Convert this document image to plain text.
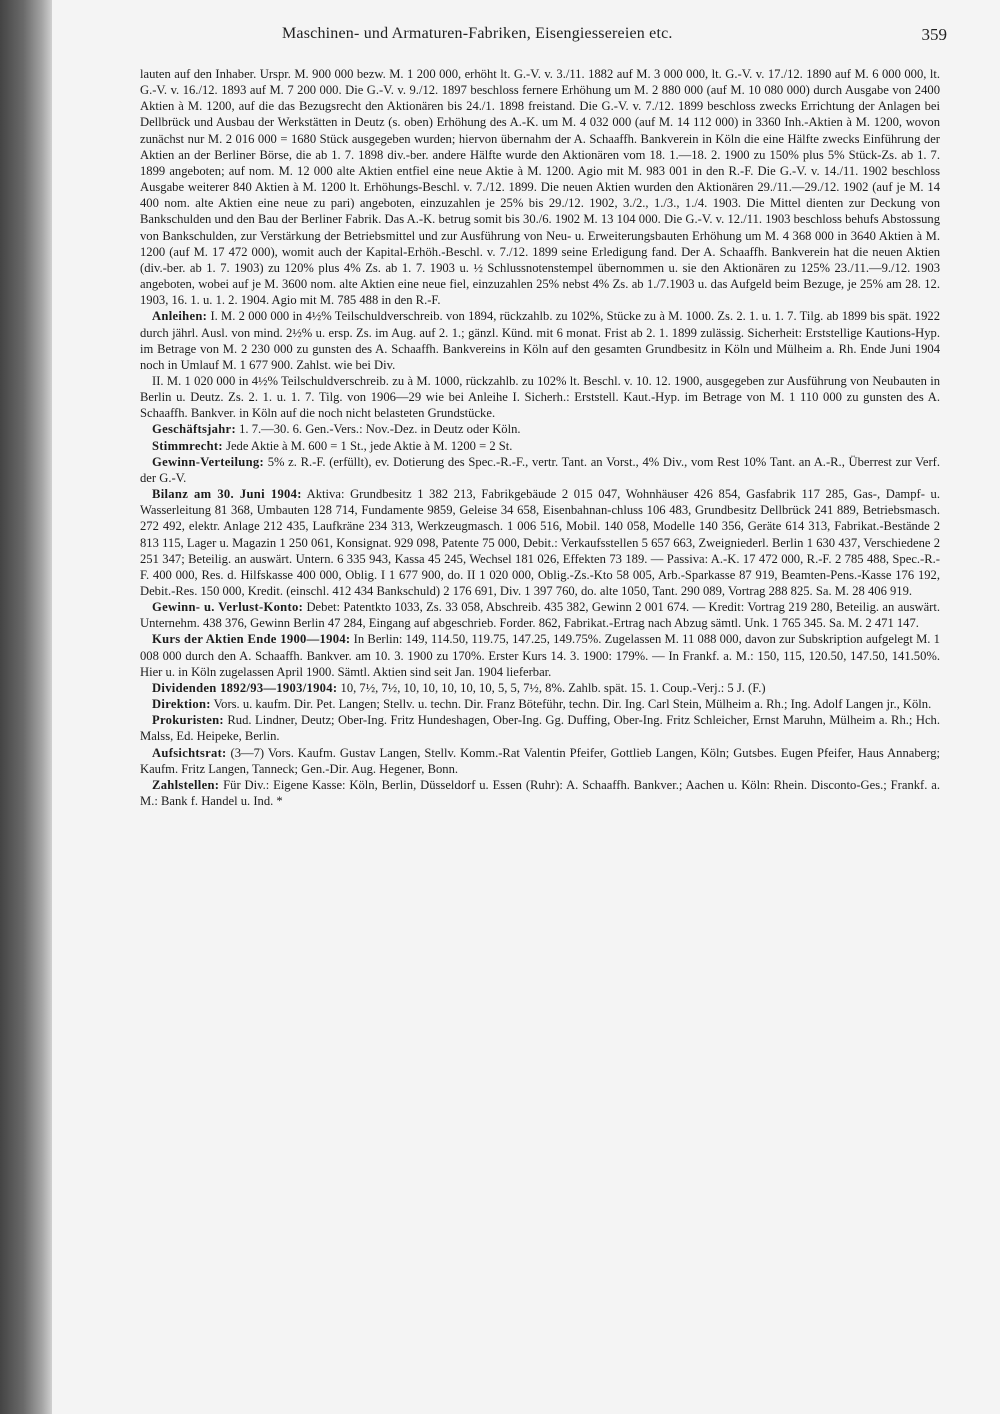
Maschinen- und Armaturen-Fabriken, Eisengiessereien etc.	359

lauten auf den Inhaber. Urspr. M. 900 000 bezw. M. 1 200 000, erhöht lt. G.-V. v. 3./11. 1882 auf M. 3 000 000, lt. G.-V. v. 17./12. 1890 auf M. 6 000 000, lt. G.-V. v. 16./12. 1893 auf M. 7 200 000. Die G.-V. v. 9./12. 1897 beschloss fernere Erhöhung um M. 2 880 000 (auf M. 10 080 000) durch Ausgabe von 2400 Aktien à M. 1200, auf die das Bezugsrecht den Aktionären bis 24./1. 1898 freistand. Die G.-V. v. 7./12. 1899 beschloss zwecks Errichtung der Anlagen bei Dellbrück und Ausbau der Werkstätten in Deutz (s. oben) Erhöhung des A.-K. um M. 4 032 000 (auf M. 14 112 000) in 3360 Inh.-Aktien à M. 1200, wovon zunächst nur M. 2 016 000 = 1680 Stück ausgegeben wurden; hiervon übernahm der A. Schaaffh. Bankverein in Köln die eine Hälfte zwecks Einführung der Aktien an der Berliner Börse, die ab 1. 7. 1898 div.-ber. andere Hälfte wurde den Aktionären vom 18. 1.—18. 2. 1900 zu 150% plus 5% Stück-Zs. ab 1. 7. 1899 angeboten; auf nom. M. 12 000 alte Aktien entfiel eine neue Aktie à M. 1200. Agio mit M. 983 001 in den R.-F. Die G.-V. v. 14./11. 1902 beschloss Ausgabe weiterer 840 Aktien à M. 1200 lt. Erhöhungs-Beschl. v. 7./12. 1899. Die neuen Aktien wurden den Aktionären 29./11.—29./12. 1902 (auf je M. 14 400 nom. alte Aktien eine neue zu pari) angeboten, einzuzahlen je 25% bis 29./12. 1902, 3./2., 1./3., 1./4. 1903. Die Mittel dienten zur Deckung von Bankschulden und den Bau der Berliner Fabrik. Das A.-K. betrug somit bis 30./6. 1902 M. 13 104 000. Die G.-V. v. 12./11. 1903 beschloss behufs Abstossung von Bankschulden, zur Verstärkung der Betriebsmittel und zur Ausführung von Neu- u. Erweiterungsbauten Erhöhung um M. 4 368 000 in 3640 Aktien à M. 1200 (auf M. 17 472 000), womit auch der Kapital-Erhöh.-Beschl. v. 7./12. 1899 seine Erledigung fand. Der A. Schaaffh. Bankverein hat die neuen Aktien (div.-ber. ab 1. 7. 1903) zu 120% plus 4% Zs. ab 1. 7. 1903 u. ½ Schlussnotenstempel übernommen u. sie den Aktionären zu 125% 23./11.—9./12. 1903 angeboten, wobei auf je M. 3600 nom. alte Aktien eine neue fiel, einzuzahlen 25% nebst 4% Zs. ab 1./7.1903 u. das Aufgeld beim Bezuge, je 25% am 28. 12. 1903, 16. 1. u. 1. 2. 1904. Agio mit M. 785 488 in den R.-F.

Anleihen: I. M. 2 000 000 in 4½% Teilschuldverschreib. von 1894, rückzahlb. zu 102%, Stücke zu à M. 1000. Zs. 2. 1. u. 1. 7. Tilg. ab 1899 bis spät. 1922 durch jährl. Ausl. von mind. 2½% u. ersp. Zs. im Aug. auf 2. 1.; gänzl. Künd. mit 6 monat. Frist ab 2. 1. 1899 zulässig. Sicherheit: Erststellige Kautions-Hyp. im Betrage von M. 2 230 000 zu gunsten des A. Schaaffh. Bankvereins in Köln auf den gesamten Grundbesitz in Köln und Mülheim a. Rh. Ende Juni 1904 noch in Umlauf M. 1 677 900. Zahlst. wie bei Div.

II. M. 1 020 000 in 4½% Teilschuldverschreib. zu à M. 1000, rückzahlb. zu 102% lt. Beschl. v. 10. 12. 1900, ausgegeben zur Ausführung von Neubauten in Berlin u. Deutz. Zs. 2. 1. u. 1. 7. Tilg. von 1906—29 wie bei Anleihe I. Sicherh.: Erststell. Kaut.-Hyp. im Betrage von M. 1 110 000 zu gunsten des A. Schaaffh. Bankver. in Köln auf die noch nicht belasteten Grundstücke.

Geschäftsjahr: 1. 7.—30. 6. Gen.-Vers.: Nov.-Dez. in Deutz oder Köln.

Stimmrecht: Jede Aktie à M. 600 = 1 St., jede Aktie à M. 1200 = 2 St.

Gewinn-Verteilung: 5% z. R.-F. (erfüllt), ev. Dotierung des Spec.-R.-F., vertr. Tant. an Vorst., 4% Div., vom Rest 10% Tant. an A.-R., Überrest zur Verf. der G.-V.

Bilanz am 30. Juni 1904: Aktiva: Grundbesitz 1 382 213, Fabrikgebäude 2 015 047, Wohnhäuser 426 854, Gasfabrik 117 285, Gas-, Dampf- u. Wasserleitung 81 368, Umbauten 128 714, Fundamente 9859, Geleise 34 658, Eisenbahnan-chluss 106 483, Grundbesitz Dellbrück 241 889, Betriebsmasch. 272 492, elektr. Anlage 212 435, Laufkräne 234 313, Werkzeugmasch. 1 006 516, Mobil. 140 058, Modelle 140 356, Geräte 614 313, Fabrikat.-Bestände 2 813 115, Lager u. Magazin 1 250 061, Konsignat. 929 098, Patente 75 000, Debit.: Verkaufsstellen 5 657 663, Zweigniederl. Berlin 1 630 437, Verschiedene 2 251 347; Beteilig. an auswärt. Untern. 6 335 943, Kassa 45 245, Wechsel 181 026, Effekten 73 189. — Passiva: A.-K. 17 472 000, R.-F. 2 785 488, Spec.-R.-F. 400 000, Res. d. Hilfskasse 400 000, Oblig. I 1 677 900, do. II 1 020 000, Oblig.-Zs.-Kto 58 005, Arb.-Sparkasse 87 919, Beamten-Pens.-Kasse 176 192, Debit.-Res. 150 000, Kredit. (einschl. 412 434 Bankschuld) 2 176 691, Div. 1 397 760, do. alte 1050, Tant. 290 089, Vortrag 288 825. Sa. M. 28 406 919.

Gewinn- u. Verlust-Konto: Debet: Patentkto 1033, Zs. 33 058, Abschreib. 435 382, Gewinn 2 001 674. — Kredit: Vortrag 219 280, Beteilig. an auswärt. Unternehm. 438 376, Gewinn Berlin 47 284, Eingang auf abgeschrieb. Forder. 862, Fabrikat.-Ertrag nach Abzug sämtl. Unk. 1 765 345. Sa. M. 2 471 147.

Kurs der Aktien Ende 1900—1904: In Berlin: 149, 114.50, 119.75, 147.25, 149.75%. Zugelassen M. 11 088 000, davon zur Subskription aufgelegt M. 1 008 000 durch den A. Schaaffh. Bankver. am 10. 3. 1900 zu 170%. Erster Kurs 14. 3. 1900: 179%. — In Frankf. a. M.: 150, 115, 120.50, 147.50, 141.50%. Hier u. in Köln zugelassen April 1900. Sämtl. Aktien sind seit Jan. 1904 lieferbar.

Dividenden 1892/93—1903/1904: 10, 7½, 7½, 10, 10, 10, 10, 10, 5, 5, 7½, 8%. Zahlb. spät. 15. 1. Coup.-Verj.: 5 J. (F.)

Direktion: Vors. u. kaufm. Dir. Pet. Langen; Stellv. u. techn. Dir. Franz Böteführ, techn. Dir. Ing. Carl Stein, Mülheim a. Rh.; Ing. Adolf Langen jr., Köln.

Prokuristen: Rud. Lindner, Deutz; Ober-Ing. Fritz Hundeshagen, Ober-Ing. Gg. Duffing, Ober-Ing. Fritz Schleicher, Ernst Maruhn, Mülheim a. Rh.; Hch. Malss, Ed. Heipeke, Berlin.

Aufsichtsrat: (3—7) Vors. Kaufm. Gustav Langen, Stellv. Komm.-Rat Valentin Pfeifer, Gottlieb Langen, Köln; Gutsbes. Eugen Pfeifer, Haus Annaberg; Kaufm. Fritz Langen, Tanneck; Gen.-Dir. Aug. Hegener, Bonn.

Zahlstellen: Für Div.: Eigene Kasse: Köln, Berlin, Düsseldorf u. Essen (Ruhr): A. Schaaffh. Bankver.; Aachen u. Köln: Rhein. Disconto-Ges.; Frankf. a. M.: Bank f. Handel u. Ind. *
